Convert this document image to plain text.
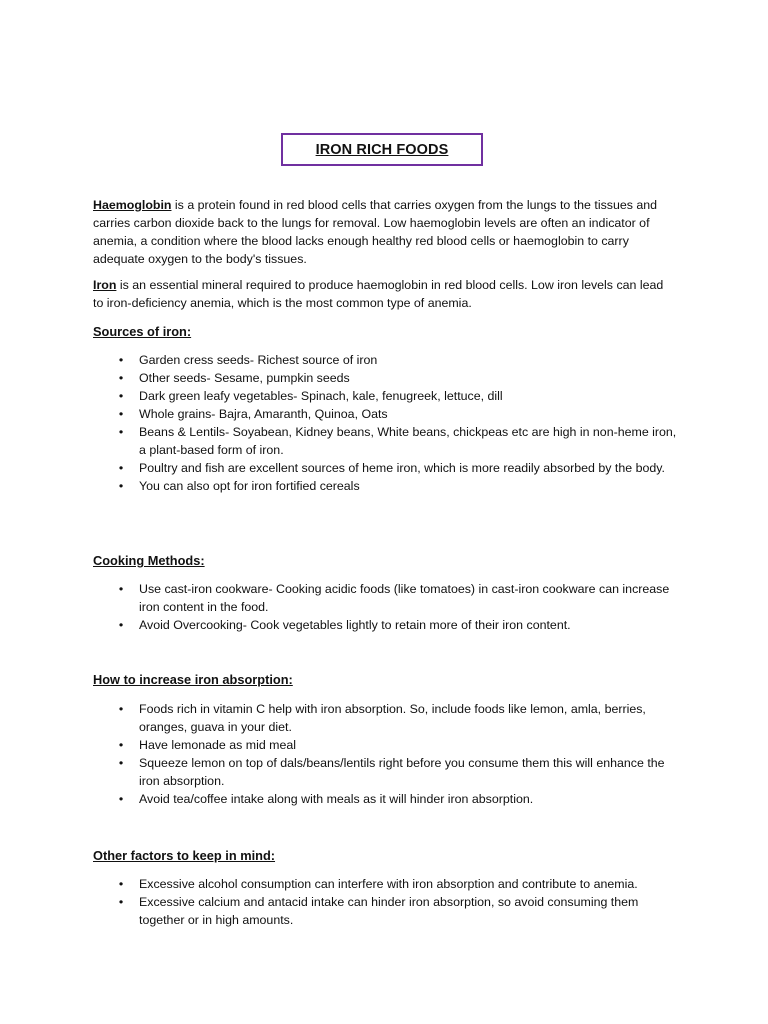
IRON RICH FOODS

Haemoglobin is a protein found in red blood cells that carries oxygen from the lungs to the tissues and carries carbon dioxide back to the lungs for removal. Low haemoglobin levels are often an indicator of anemia, a condition where the blood lacks enough healthy red blood cells or haemoglobin to carry adequate oxygen to the body's tissues.

Iron is an essential mineral required to produce haemoglobin in red blood cells. Low iron levels can lead to iron-deficiency anemia, which is the most common type of anemia.

Sources of iron:
• Garden cress seeds- Richest source of iron
• Other seeds- Sesame, pumpkin seeds
• Dark green leafy vegetables- Spinach, kale, fenugreek, lettuce, dill
• Whole grains- Bajra, Amaranth, Quinoa, Oats
• Beans & Lentils- Soyabean, Kidney beans, White beans, chickpeas etc are high in non-heme iron, a plant-based form of iron.
• Poultry and fish are excellent sources of heme iron, which is more readily absorbed by the body.
• You can also opt for iron fortified cereals
Cooking Methods:
• Use cast-iron cookware- Cooking acidic foods (like tomatoes) in cast-iron cookware can increase iron content in the food.
• Avoid Overcooking- Cook vegetables lightly to retain more of their iron content.
How to increase iron absorption:
• Foods rich in vitamin C help with iron absorption. So, include foods like lemon, amla, berries, oranges, guava in your diet.
• Have lemonade as mid meal
• Squeeze lemon on top of dals/beans/lentils right before you consume them this will enhance the iron absorption.
• Avoid tea/coffee intake along with meals as it will hinder iron absorption.
Other factors to keep in mind:
• Excessive alcohol consumption can interfere with iron absorption and contribute to anemia.
• Excessive calcium and antacid intake can hinder iron absorption, so avoid consuming them together or in high amounts.
